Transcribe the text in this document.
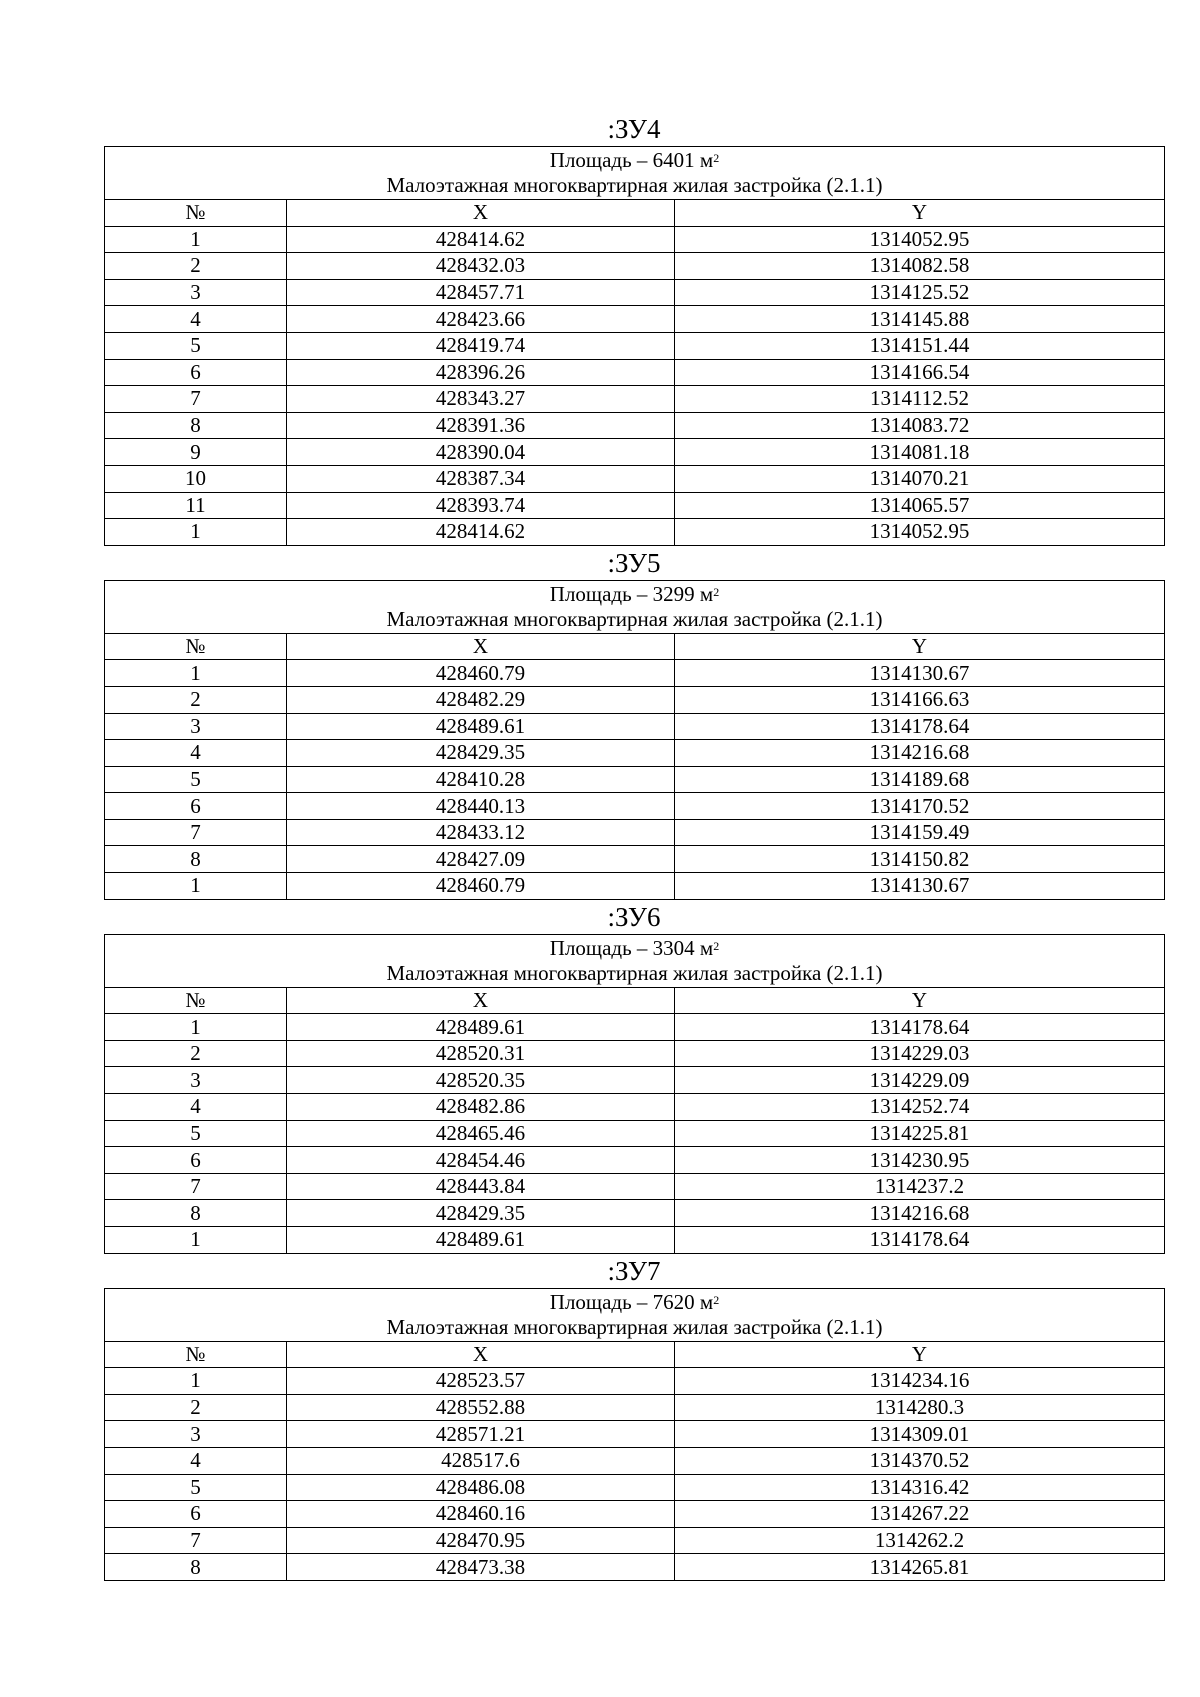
:ЗУ4
Площадь – 6401 $м^2$
Малоэтажная многоквартирная жилая застройка (2.1.1)		

№	X	Y
1	428414.62	1314052.95
2	428432.03	1314082.58
3	428457.71	1314125.52
4	428423.66	1314145.88
5	428419.74	1314151.44
6	428396.26	1314166.54
7	428343.27	1314112.52
8	428391.36	1314083.72
9	428390.04	1314081.18
10	428387.34	1314070.21
11	428393.74	1314065.57
1	428414.62	1314052.95
:ЗУ5
Площадь – 3299 $м^2$
Малоэтажная многоквартирная жилая застройка (2.1.1)		

№	X	Y
1	428460.79	1314130.67
2	428482.29	1314166.63
3	428489.61	1314178.64
4	428429.35	1314216.68
5	428410.28	1314189.68
6	428440.13	1314170.52
7	428433.12	1314159.49
8	428427.09	1314150.82
1	428460.79	1314130.67
:ЗУ6
Площадь – 3304 $м^2$
Малоэтажная многоквартирная жилая застройка (2.1.1)		

№	X	Y
1	428489.61	1314178.64
2	428520.31	1314229.03
3	428520.35	1314229.09
4	428482.86	1314252.74
5	428465.46	1314225.81
6	428454.46	1314230.95
7	428443.84	1314237.2
8	428429.35	1314216.68
1	428489.61	1314178.64
:ЗУ7
Площадь – 7620 $м^2$
Малоэтажная многоквартирная жилая застройка (2.1.1)		

№	X	Y
1	428523.57	1314234.16
2	428552.88	1314280.3
3	428571.21	1314309.01
4	428517.6	1314370.52
5	428486.08	1314316.42
6	428460.16	1314267.22
7	428470.95	1314262.2
8	428473.38	1314265.81
